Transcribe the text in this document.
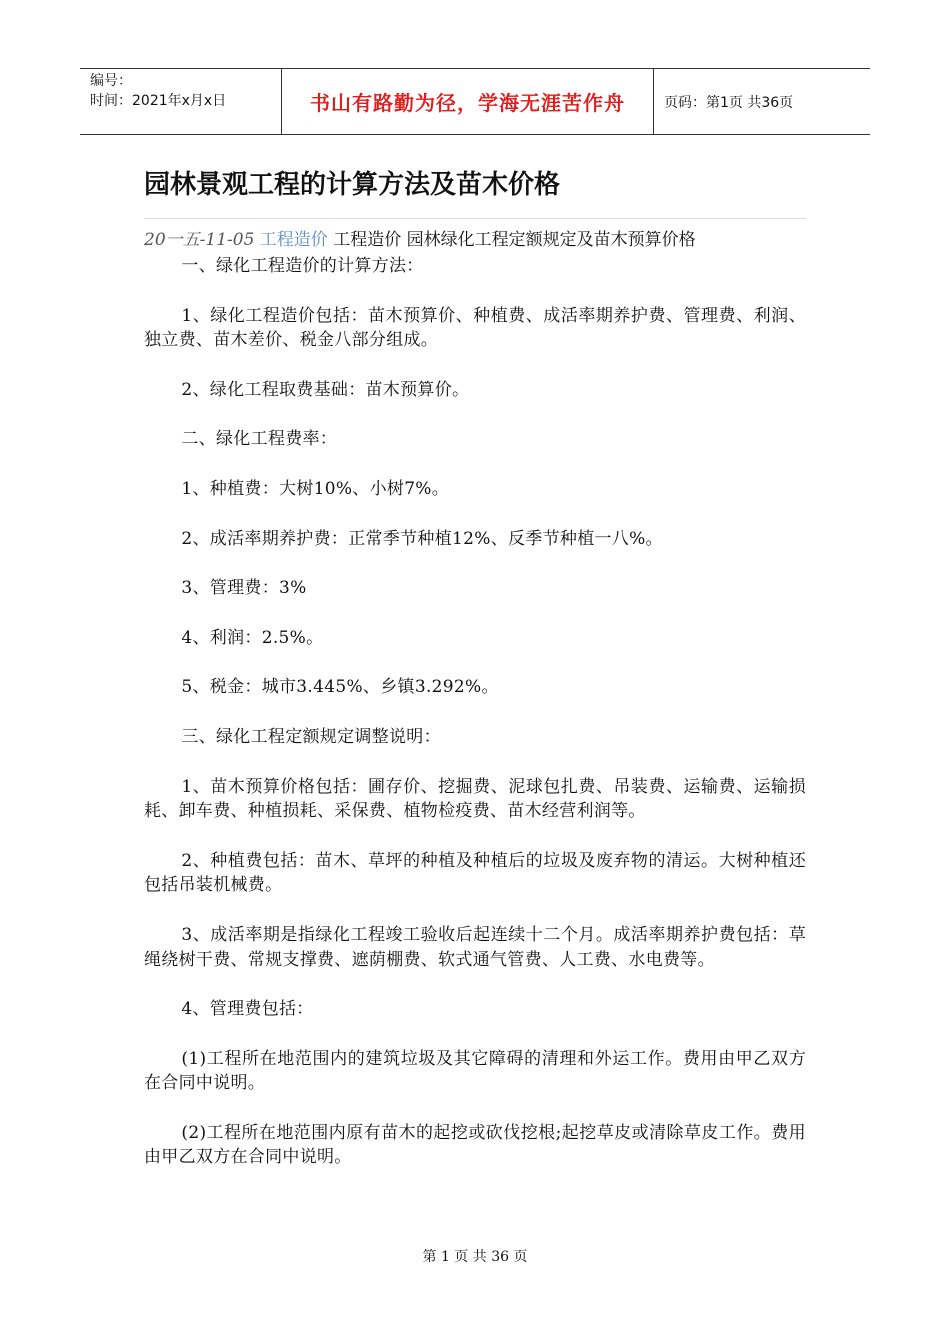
编号：
时间：2021年x月x日	书山有路勤为径，学海无涯苦作舟	页码：第1页 共36页
园林景观工程的计算方法及苗木价格
20一五-11-05 工程造价 工程造价 园林绿化工程定额规定及苗木预算价格

一、绿化工程造价的计算方法：

1、绿化工程造价包括：苗木预算价、种植费、成活率期养护费、管理费、利润、独立费、苗木差价、税金八部分组成。

2、绿化工程取费基础：苗木预算价。

二、绿化工程费率：

1、种植费：大树10%、小树7%。

2、成活率期养护费：正常季节种植12%、反季节种植一八%。

3、管理费：3%

4、利润：2.5%。

5、税金：城市3.445%、乡镇3.292%。

三、绿化工程定额规定调整说明：

1、苗木预算价格包括：圃存价、挖掘费、泥球包扎费、吊装费、运输费、运输损耗、卸车费、种植损耗、采保费、植物检疫费、苗木经营利润等。

2、种植费包括：苗木、草坪的种植及种植后的垃圾及废弃物的清运。大树种植还包括吊装机械费。

3、成活率期是指绿化工程竣工验收后起连续十二个月。成活率期养护费包括：草绳绕树干费、常规支撑费、遮荫棚费、软式通气管费、人工费、水电费等。

4、管理费包括：

(1)工程所在地范围内的建筑垃圾及其它障碍的清理和外运工作。费用由甲乙双方在合同中说明。

(2)工程所在地范围内原有苗木的起挖或砍伐挖根;起挖草皮或清除草皮工作。费用由甲乙双方在合同中说明。

第 1 页 共 36 页
